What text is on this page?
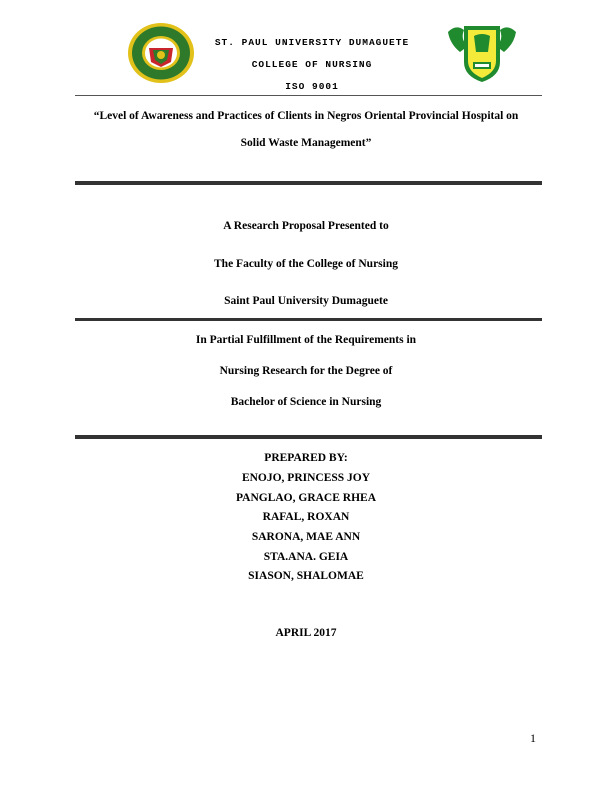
ST. PAUL UNIVERSITY DUMAGUETE
COLLEGE OF NURSING
ISO 9001
“Level of Awareness and Practices of Clients in Negros Oriental Provincial Hospital on
Solid Waste Management”
A Research Proposal Presented to
The Faculty of the College of Nursing
Saint Paul University Dumaguete
In Partial Fulfillment of the Requirements in
Nursing Research for the Degree of
Bachelor of Science in Nursing
PREPARED BY:
ENOJO, PRINCESS JOY
PANGLAO, GRACE RHEA
RAFAL, ROXAN
SARONA, MAE ANN
STA.ANA. GEIA
SIASON, SHALOMAE
APRIL 2017
1
